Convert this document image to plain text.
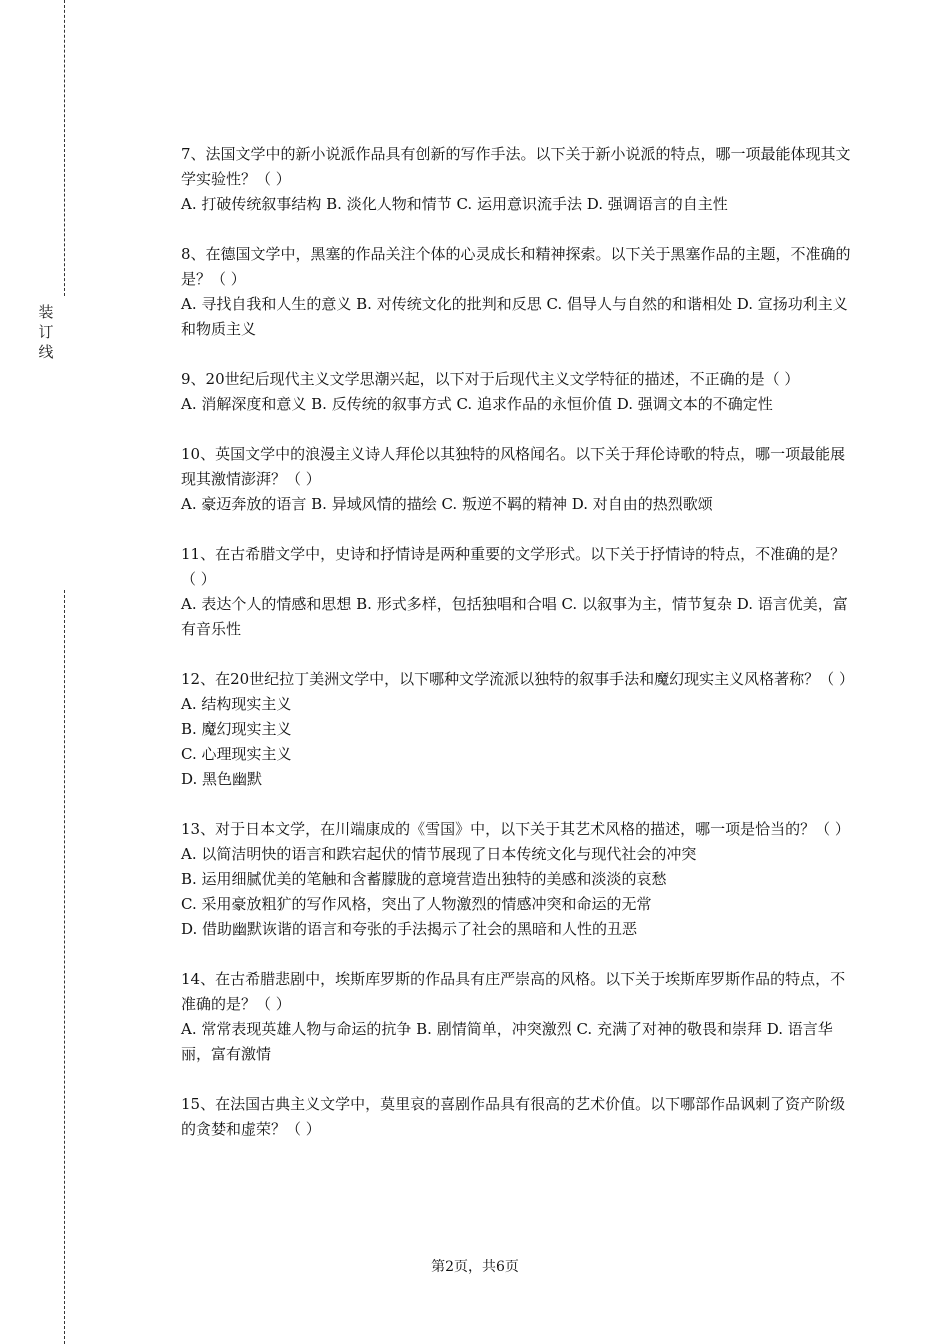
装
订
线
7、法国文学中的新小说派作品具有创新的写作手法。以下关于新小说派的特点，哪一项最能体现其文学实验性？（ ）
A. 打破传统叙事结构 B. 淡化人物和情节 C. 运用意识流手法 D. 强调语言的自主性
8、在德国文学中，黑塞的作品关注个体的心灵成长和精神探索。以下关于黑塞作品的主题，不准确的是？（ ）
A. 寻找自我和人生的意义 B. 对传统文化的批判和反思 C. 倡导人与自然的和谐相处 D. 宣扬功利主义和物质主义
9、20世纪后现代主义文学思潮兴起，以下对于后现代主义文学特征的描述，不正确的是（ ）
A. 消解深度和意义 B. 反传统的叙事方式 C. 追求作品的永恒价值 D. 强调文本的不确定性
10、英国文学中的浪漫主义诗人拜伦以其独特的风格闻名。以下关于拜伦诗歌的特点，哪一项最能展现其激情澎湃？（ ）
A. 豪迈奔放的语言 B. 异域风情的描绘 C. 叛逆不羁的精神 D. 对自由的热烈歌颂
11、在古希腊文学中，史诗和抒情诗是两种重要的文学形式。以下关于抒情诗的特点，不准确的是？（ ）
A. 表达个人的情感和思想 B. 形式多样，包括独唱和合唱 C. 以叙事为主，情节复杂 D. 语言优美，富有音乐性
12、在20世纪拉丁美洲文学中，以下哪种文学流派以独特的叙事手法和魔幻现实主义风格著称？（ ）
A. 结构现实主义
B. 魔幻现实主义
C. 心理现实主义
D. 黑色幽默
13、对于日本文学，在川端康成的《雪国》中，以下关于其艺术风格的描述，哪一项是恰当的？（ ）
A. 以简洁明快的语言和跌宕起伏的情节展现了日本传统文化与现代社会的冲突
B. 运用细腻优美的笔触和含蓄朦胧的意境营造出独特的美感和淡淡的哀愁
C. 采用豪放粗犷的写作风格，突出了人物激烈的情感冲突和命运的无常
D. 借助幽默诙谐的语言和夸张的手法揭示了社会的黑暗和人性的丑恶
14、在古希腊悲剧中，埃斯库罗斯的作品具有庄严崇高的风格。以下关于埃斯库罗斯作品的特点，不准确的是？（ ）
A. 常常表现英雄人物与命运的抗争 B. 剧情简单，冲突激烈 C. 充满了对神的敬畏和崇拜 D. 语言华丽，富有激情
15、在法国古典主义文学中，莫里哀的喜剧作品具有很高的艺术价值。以下哪部作品讽刺了资产阶级的贪婪和虚荣？（ ）
第2页，共6页
